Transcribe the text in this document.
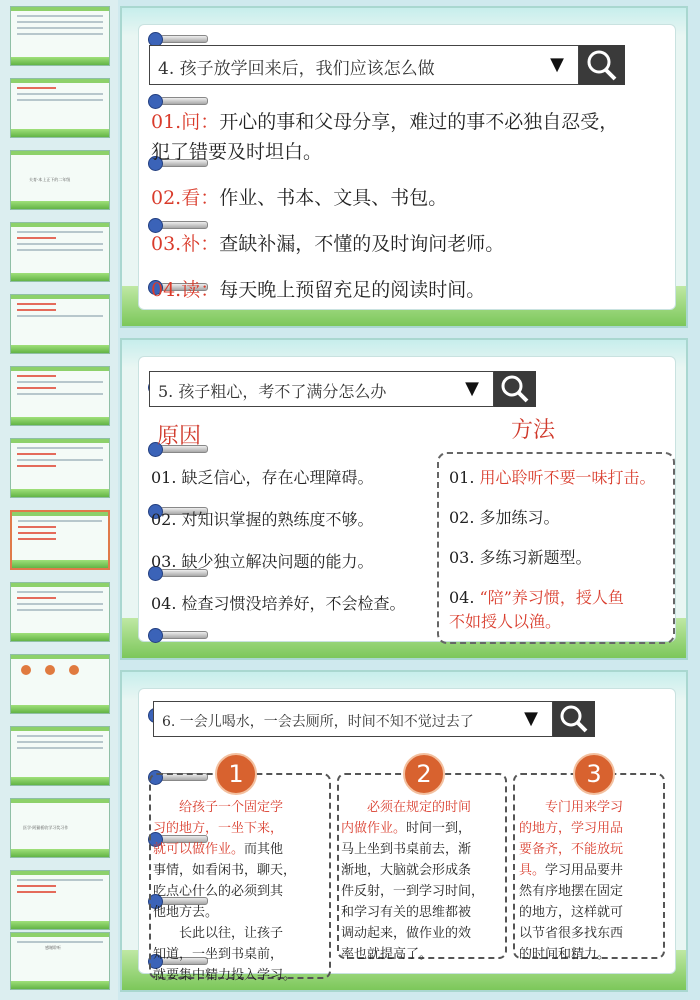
夫育·本上正下的二年级
医学·阿猫板收学习奖习作
感谢聆听
4. 孩子放学回来后，我们应该怎么做	▼
01.问：开心的事和父母分享，难过的事不必独自忍受，
犯了错要及时坦白。
02.看：作业、书本、文具、书包。
03.补：查缺补漏，不懂的及时询问老师。
04.读：每天晚上预留充足的阅读时间。
5. 孩子粗心，考不了满分怎么办	▼
原因	方法
01. 缺乏信心，存在心理障碍。
02. 对知识掌握的熟练度不够。
03. 缺少独立解决问题的能力。
04. 检查习惯没培养好，不会检查。
01. 用心聆听不要一味打击。
02. 多加练习。
03. 多练习新题型。
04. “陪”养习惯，授人鱼
不如授人以渔。
6. 一会儿喝水，一会去厕所，时间不知不觉过去了	▼
1
　　给孩子一个固定学
习的地方，一坐下来，
就可以做作业。而其他
事情，如看闲书，聊天，
吃点心什么的必须到其
他地方去。
　　长此以往，让孩子
知道，一坐到书桌前，
就要集中精力投入学习。
2
　　必须在规定的时间
内做作业。时间一到，
马上坐到书桌前去，渐
渐地，大脑就会形成条
件反射，一到学习时间，
和学习有关的思维都被
调动起来，做作业的效
率也就提高了。
3
　　专门用来学习
的地方，学习用品
要备齐，不能放玩
具。学习用品要井
然有序地摆在固定
的地方，这样就可
以节省很多找东西
的时间和精力。
